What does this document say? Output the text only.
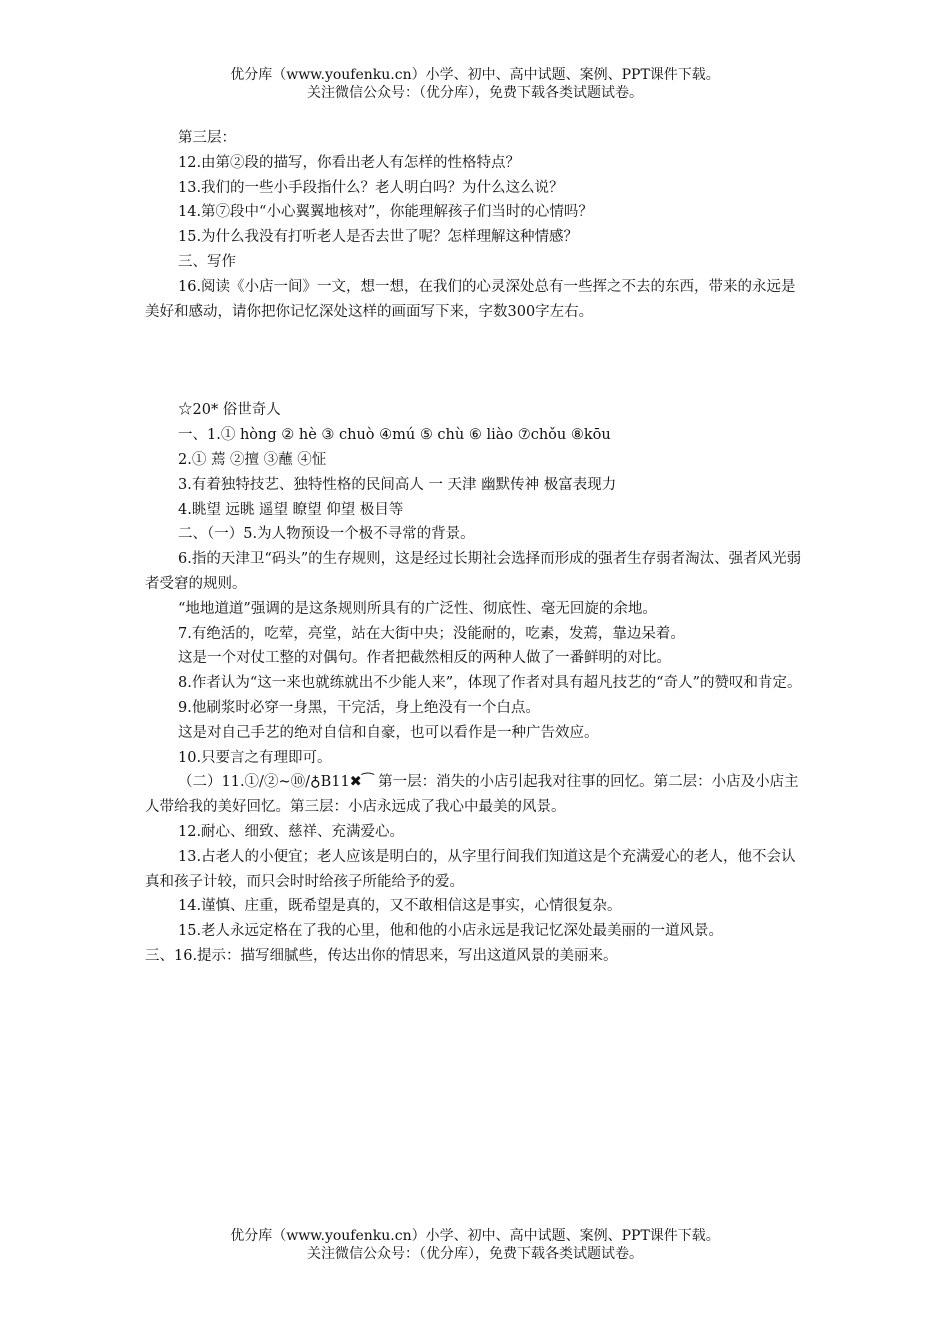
优分库（www.youfenku.cn）小学、初中、高中试题、案例、PPT课件下载。
关注微信公众号：（优分库），免费下载各类试题试卷。

第三层：

12.由第②段的描写，你看出老人有怎样的性格特点？

13.我们的一些小手段指什么？老人明白吗？为什么这么说？

14.第⑦段中“小心翼翼地核对”，你能理解孩子们当时的心情吗？

15.为什么我没有打听老人是否去世了呢？怎样理解这种情感？

三、写作

16.阅读《小店一间》一文，想一想，在我们的心灵深处总有一些挥之不去的东西，带来的永远是美好和感动，请你把你记忆深处这样的画面写下来，字数300字左右。

☆20* 俗世奇人

一、1.① hòng ② hè ③ chuò ④mú ⑤ chù ⑥ liào ⑦chǒu ⑧kōu

2.① 蔫 ②擅 ③蘸 ④怔

3.有着独特技艺、独特性格的民间高人 一 天津 幽默传神 极富表现力

4.眺望 远眺 遥望 瞭望 仰望 极目等

二、（一）5.为人物预设一个极不寻常的背景。

6.指的天津卫“码头”的生存规则，这是经过长期社会选择而形成的强者生存弱者淘汰、强者风光弱者受窘的规则。

“地地道道”强调的是这条规则所具有的广泛性、彻底性、毫无回旋的余地。

7.有绝活的，吃荤，亮堂，站在大街中央；没能耐的，吃素，发蔫，靠边呆着。

这是一个对仗工整的对偶句。作者把截然相反的两种人做了一番鲜明的对比。

8.作者认为“这一来也就练就出不少能人来”，体现了作者对具有超凡技艺的“奇人”的赞叹和肯定。

9.他刷浆时必穿一身黑，干完活，身上绝没有一个白点。

这是对自己手艺的绝对自信和自豪，也可以看作是一种广告效应。

10.只要言之有理即可。

（二）11.①/②~⑩/♁B11✖⁀ 第一层：消失的小店引起我对往事的回忆。第二层：小店及小店主人带给我的美好回忆。第三层：小店永远成了我心中最美的风景。

12.耐心、细致、慈祥、充满爱心。

13.占老人的小便宜；老人应该是明白的，从字里行间我们知道这是个充满爱心的老人，他不会认真和孩子计较，而只会时时给孩子所能给予的爱。

14.谨慎、庄重，既希望是真的，又不敢相信这是事实，心情很复杂。

15.老人永远定格在了我的心里，他和他的小店永远是我记忆深处最美丽的一道风景。

三、16.提示：描写细腻些，传达出你的情思来，写出这道风景的美丽来。

优分库（www.youfenku.cn）小学、初中、高中试题、案例、PPT课件下载。
关注微信公众号：（优分库），免费下载各类试题试卷。
